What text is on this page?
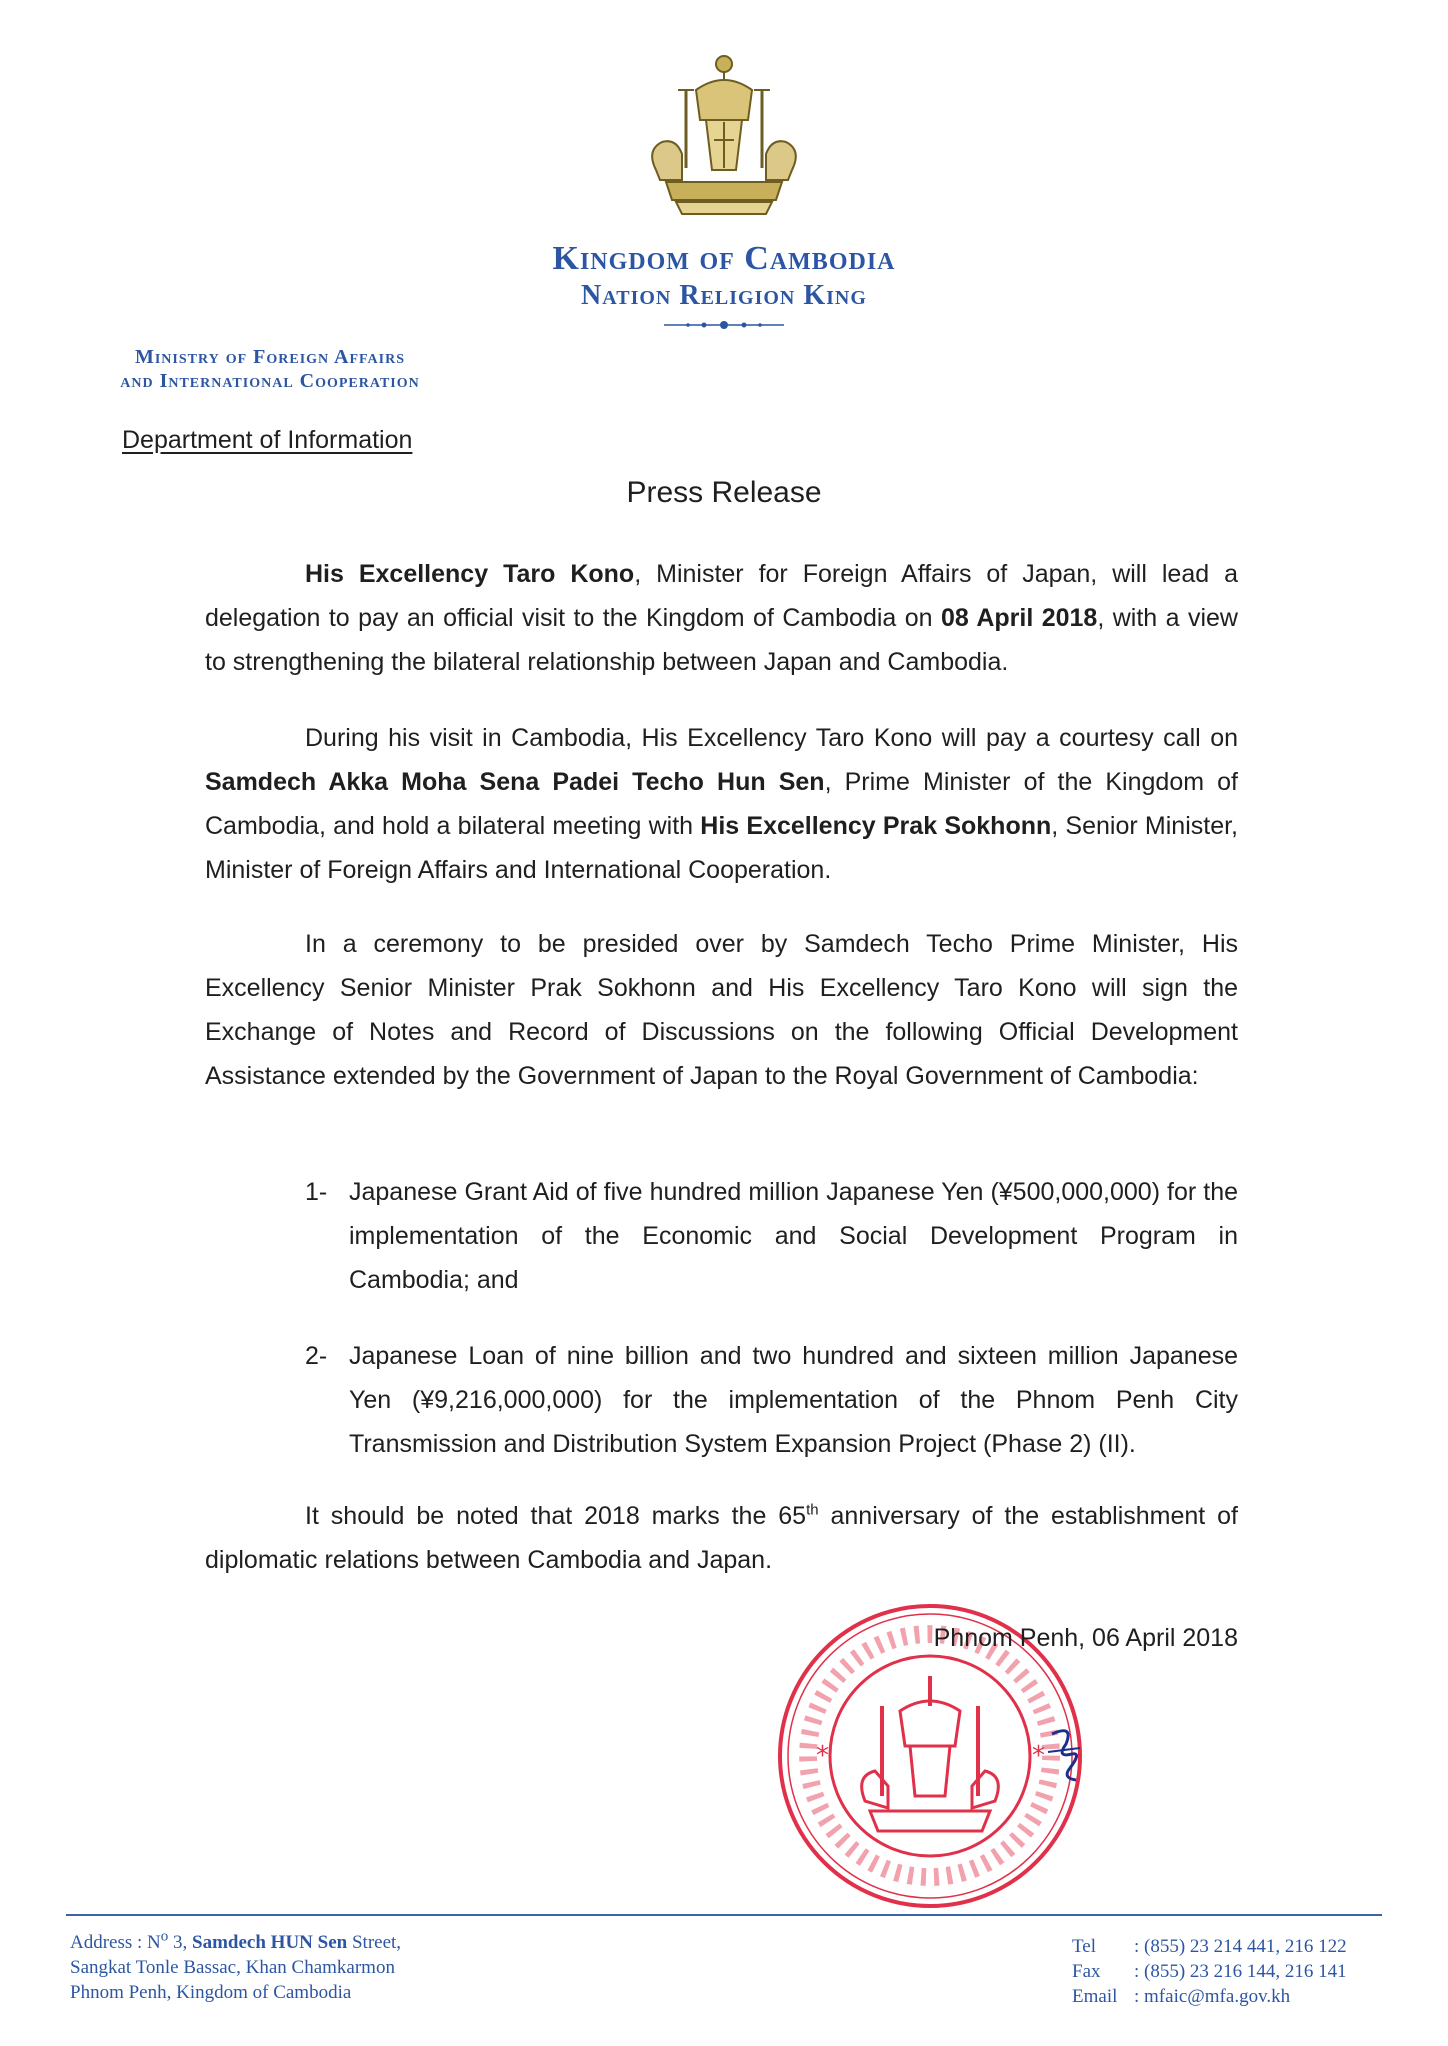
Kingdom of Cambodia
Nation Religion King
Ministry of Foreign Affairs
and International Cooperation
Department of Information
Press Release

His Excellency Taro Kono, Minister for Foreign Affairs of Japan, will lead a delegation to pay an official visit to the Kingdom of Cambodia on 08 April 2018, with a view to strengthening the bilateral relationship between Japan and Cambodia.

During his visit in Cambodia, His Excellency Taro Kono will pay a courtesy call on Samdech Akka Moha Sena Padei Techo Hun Sen, Prime Minister of the Kingdom of Cambodia, and hold a bilateral meeting with His Excellency Prak Sokhonn, Senior Minister, Minister of Foreign Affairs and International Cooperation.

In a ceremony to be presided over by Samdech Techo Prime Minister, His Excellency Senior Minister Prak Sokhonn and His Excellency Taro Kono will sign the Exchange of Notes and Record of Discussions on the following Official Development Assistance extended by the Government of Japan to the Royal Government of Cambodia:

1- Japanese Grant Aid of five hundred million Japanese Yen (¥500,000,000) for the implementation of the Economic and Social Development Program in Cambodia; and
2- Japanese Loan of nine billion and two hundred and sixteen million Japanese Yen (¥9,216,000,000) for the implementation of the Phnom Penh City Transmission and Distribution System Expansion Project (Phase 2) (II).

It should be noted that 2018 marks the 65th anniversary of the establishment of diplomatic relations between Cambodia and Japan.

*	*
Phnom Penh, 06 April 2018
Address : $N^o$ 3, Samdech HUN Sen Street,
Sangkat Tonle Bassac, Khan Chamkarmon
Phnom Penh, Kingdom of Cambodia
Tel : (855) 23 214 441, 216 122
Fax : (855) 23 216 144, 216 141
Email : mfaic@mfa.gov.kh
